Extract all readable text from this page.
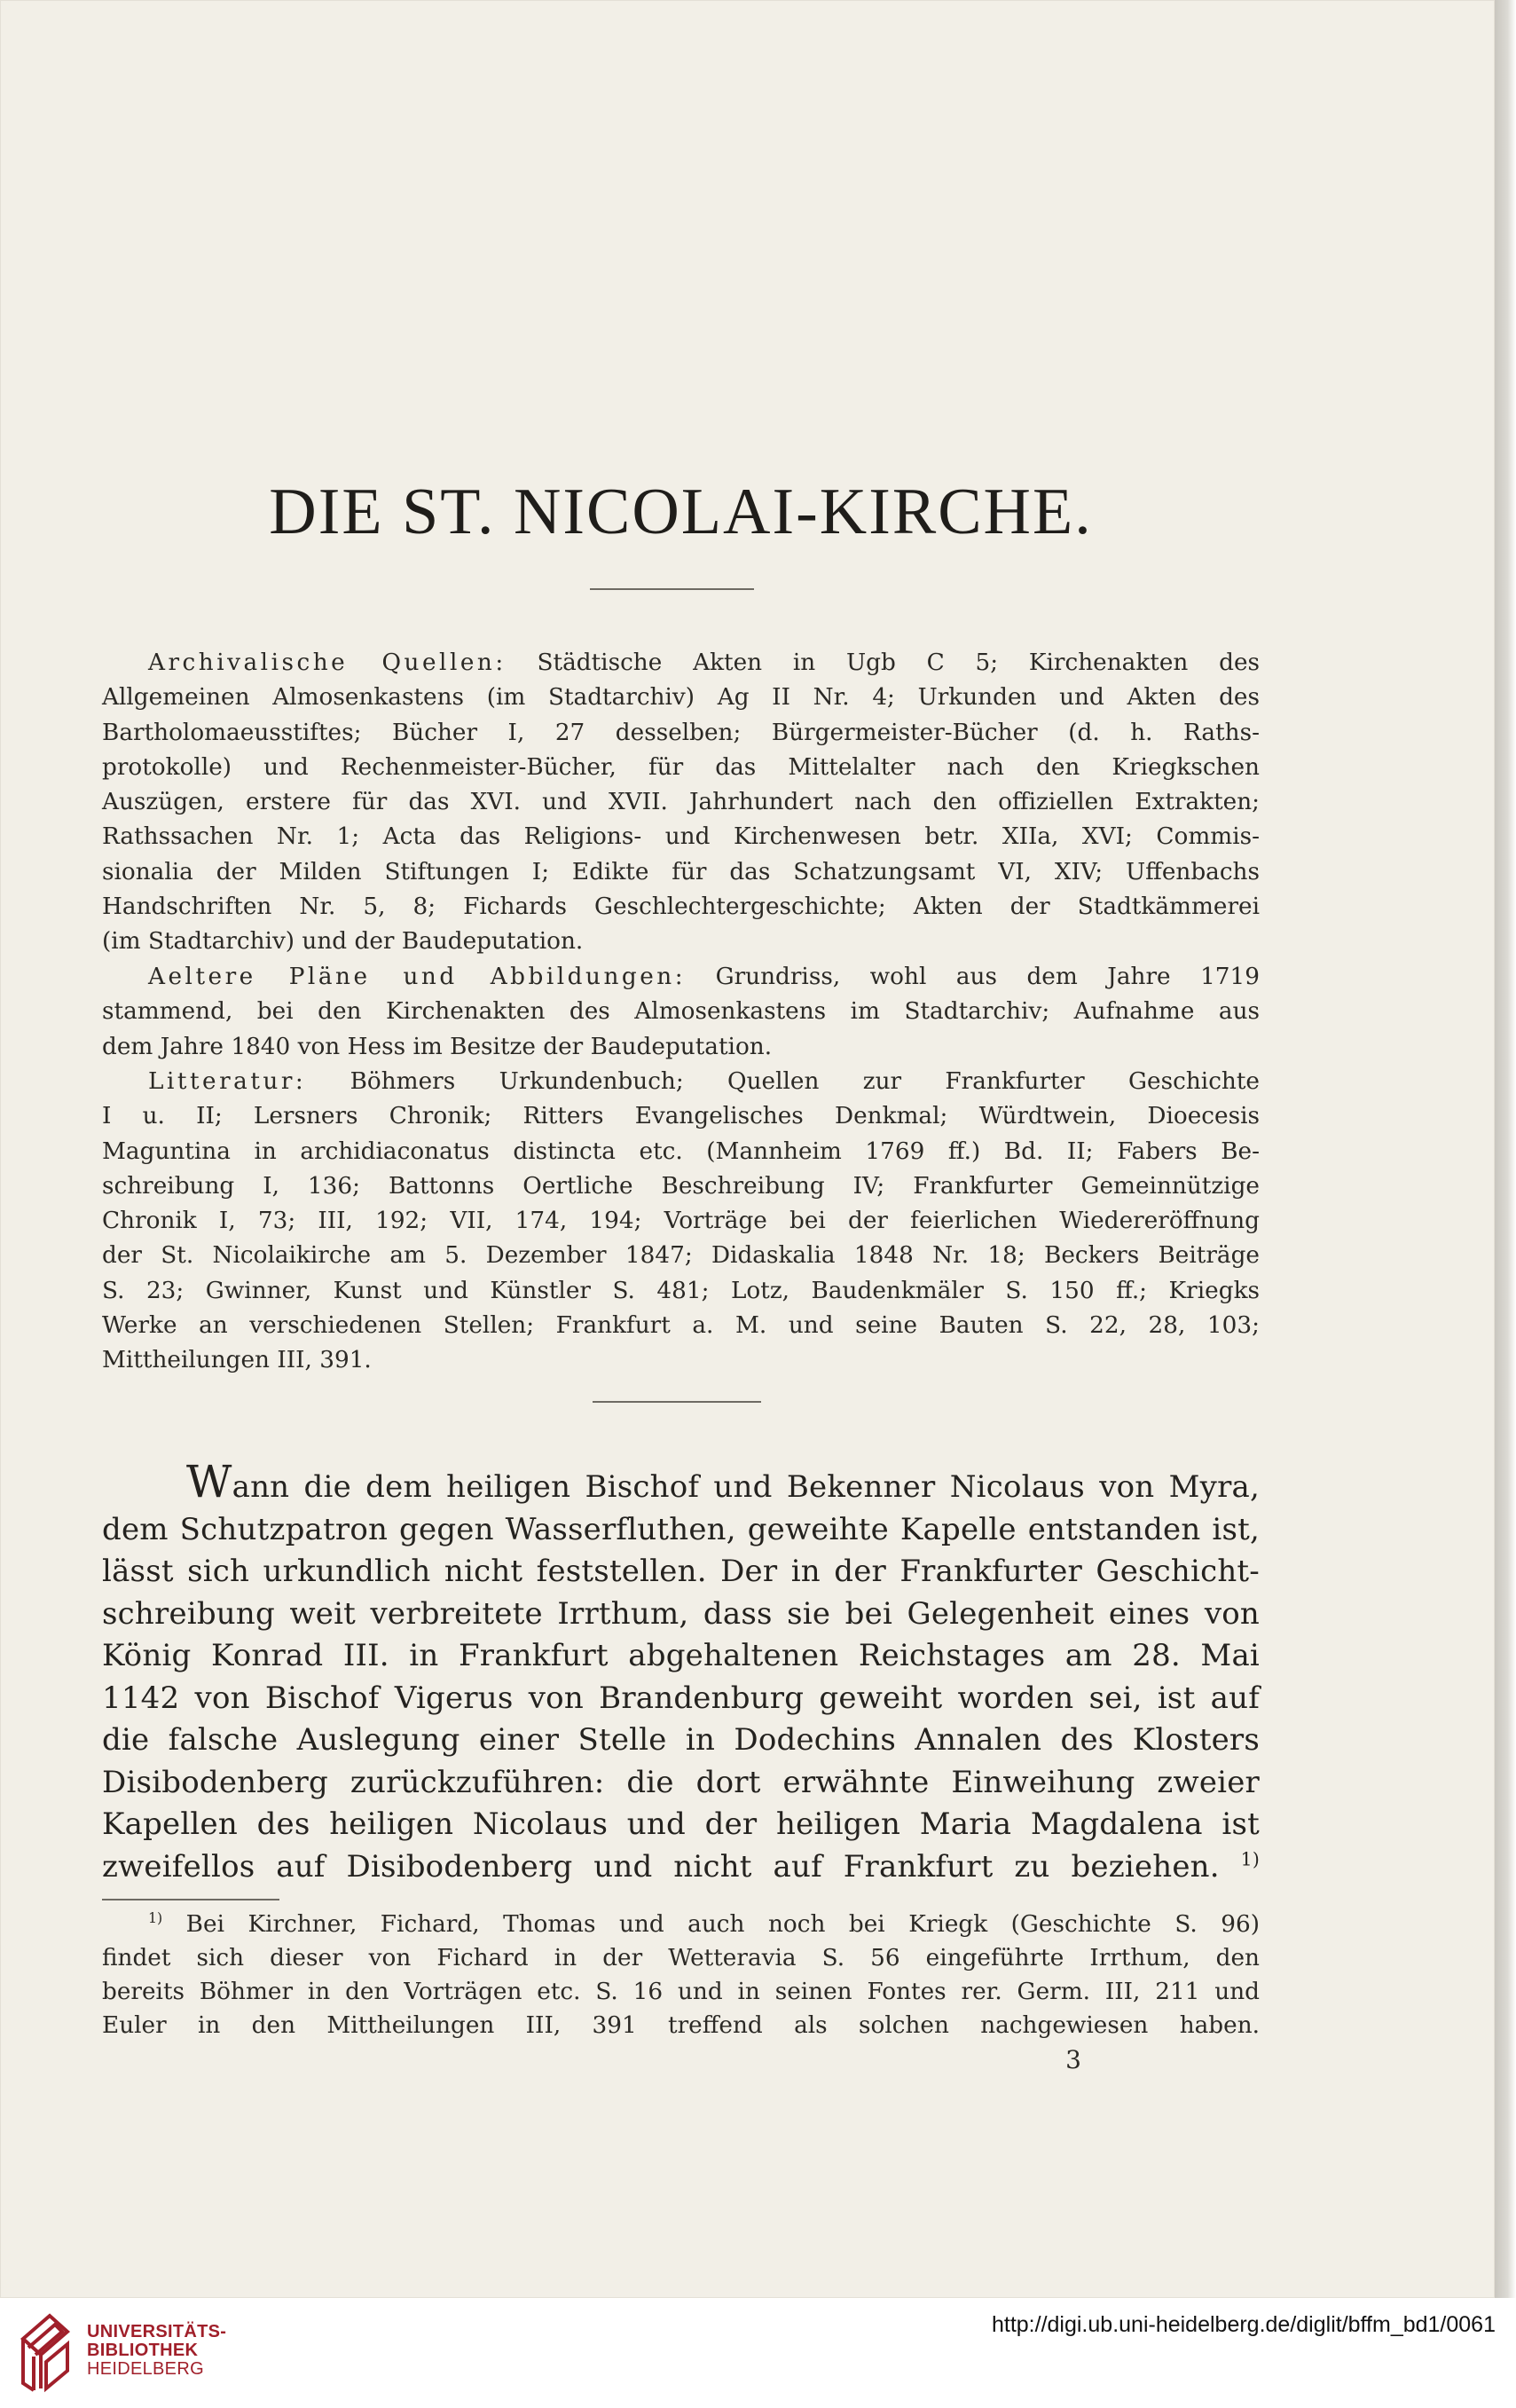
DIE ST. NICOLAI-KIRCHE.

Archivalische Quellen: Städtische Akten in Ugb C 5; Kirchenakten des

Allgemeinen Almosenkastens (im Stadtarchiv) Ag II Nr. 4; Urkunden und Akten des

Bartholomaeusstiftes; Bücher I, 27 desselben; Bürgermeister-Bücher (d. h. Raths-

protokolle) und Rechenmeister-Bücher, für das Mittelalter nach den Kriegkschen

Auszügen, erstere für das XVI. und XVII. Jahrhundert nach den offiziellen Extrakten;

Rathssachen Nr. 1; Acta das Religions- und Kirchenwesen betr. XIIa, XVI; Commis-

sionalia der Milden Stiftungen I; Edikte für das Schatzungsamt VI, XIV; Uffenbachs

Handschriften Nr. 5, 8; Fichards Geschlechtergeschichte; Akten der Stadtkämmerei

(im Stadtarchiv) und der Baudeputation.

Aeltere Pläne und Abbildungen: Grundriss, wohl aus dem Jahre 1719

stammend, bei den Kirchenakten des Almosenkastens im Stadtarchiv; Aufnahme aus

dem Jahre 1840 von Hess im Besitze der Baudeputation.

Litteratur: Böhmers Urkundenbuch; Quellen zur Frankfurter Geschichte

I u. II; Lersners Chronik; Ritters Evangelisches Denkmal; Würdtwein, Dioecesis

Maguntina in archidiaconatus distincta etc. (Mannheim 1769 ff.) Bd. II; Fabers Be-

schreibung I, 136; Battonns Oertliche Beschreibung IV; Frankfurter Gemeinnützige

Chronik I, 73; III, 192; VII, 174, 194; Vorträge bei der feierlichen Wiedereröffnung

der St. Nicolaikirche am 5. Dezember 1847; Didaskalia 1848 Nr. 18; Beckers Beiträge

S. 23; Gwinner, Kunst und Künstler S. 481; Lotz, Baudenkmäler S. 150 ff.; Kriegks

Werke an verschiedenen Stellen; Frankfurt a. M. und seine Bauten S. 22, 28, 103;

Mittheilungen III, 391.

Wann die dem heiligen Bischof und Bekenner Nicolaus von Myra,

dem Schutzpatron gegen Wasserfluthen, geweihte Kapelle entstanden ist,

lässt sich urkundlich nicht feststellen. Der in der Frankfurter Geschicht-

schreibung weit verbreitete Irrthum, dass sie bei Gelegenheit eines von

König Konrad III. in Frankfurt abgehaltenen Reichstages am 28. Mai

1142 von Bischof Vigerus von Brandenburg geweiht worden sei, ist auf

die falsche Auslegung einer Stelle in Dodechins Annalen des Klosters

Disibodenberg zurückzuführen: die dort erwähnte Einweihung zweier

Kapellen des heiligen Nicolaus und der heiligen Maria Magdalena ist

zweifellos auf Disibodenberg und nicht auf Frankfurt zu beziehen. $^{1)}$

$^{1)}$ Bei Kirchner, Fichard, Thomas und auch noch bei Kriegk (Geschichte S. 96)

findet sich dieser von Fichard in der Wetteravia S. 56 eingeführte Irrthum, den

bereits Böhmer in den Vorträgen etc. S. 16 und in seinen Fontes rer. Germ. III, 211 und

Euler in den Mittheilungen III, 391 treffend als solchen nachgewiesen haben.

3

UNIVERSITÄTS-
BIBLIOTHEK
HEIDELBERG
http://digi.ub.uni-heidelberg.de/diglit/bffm_bd1/0061
